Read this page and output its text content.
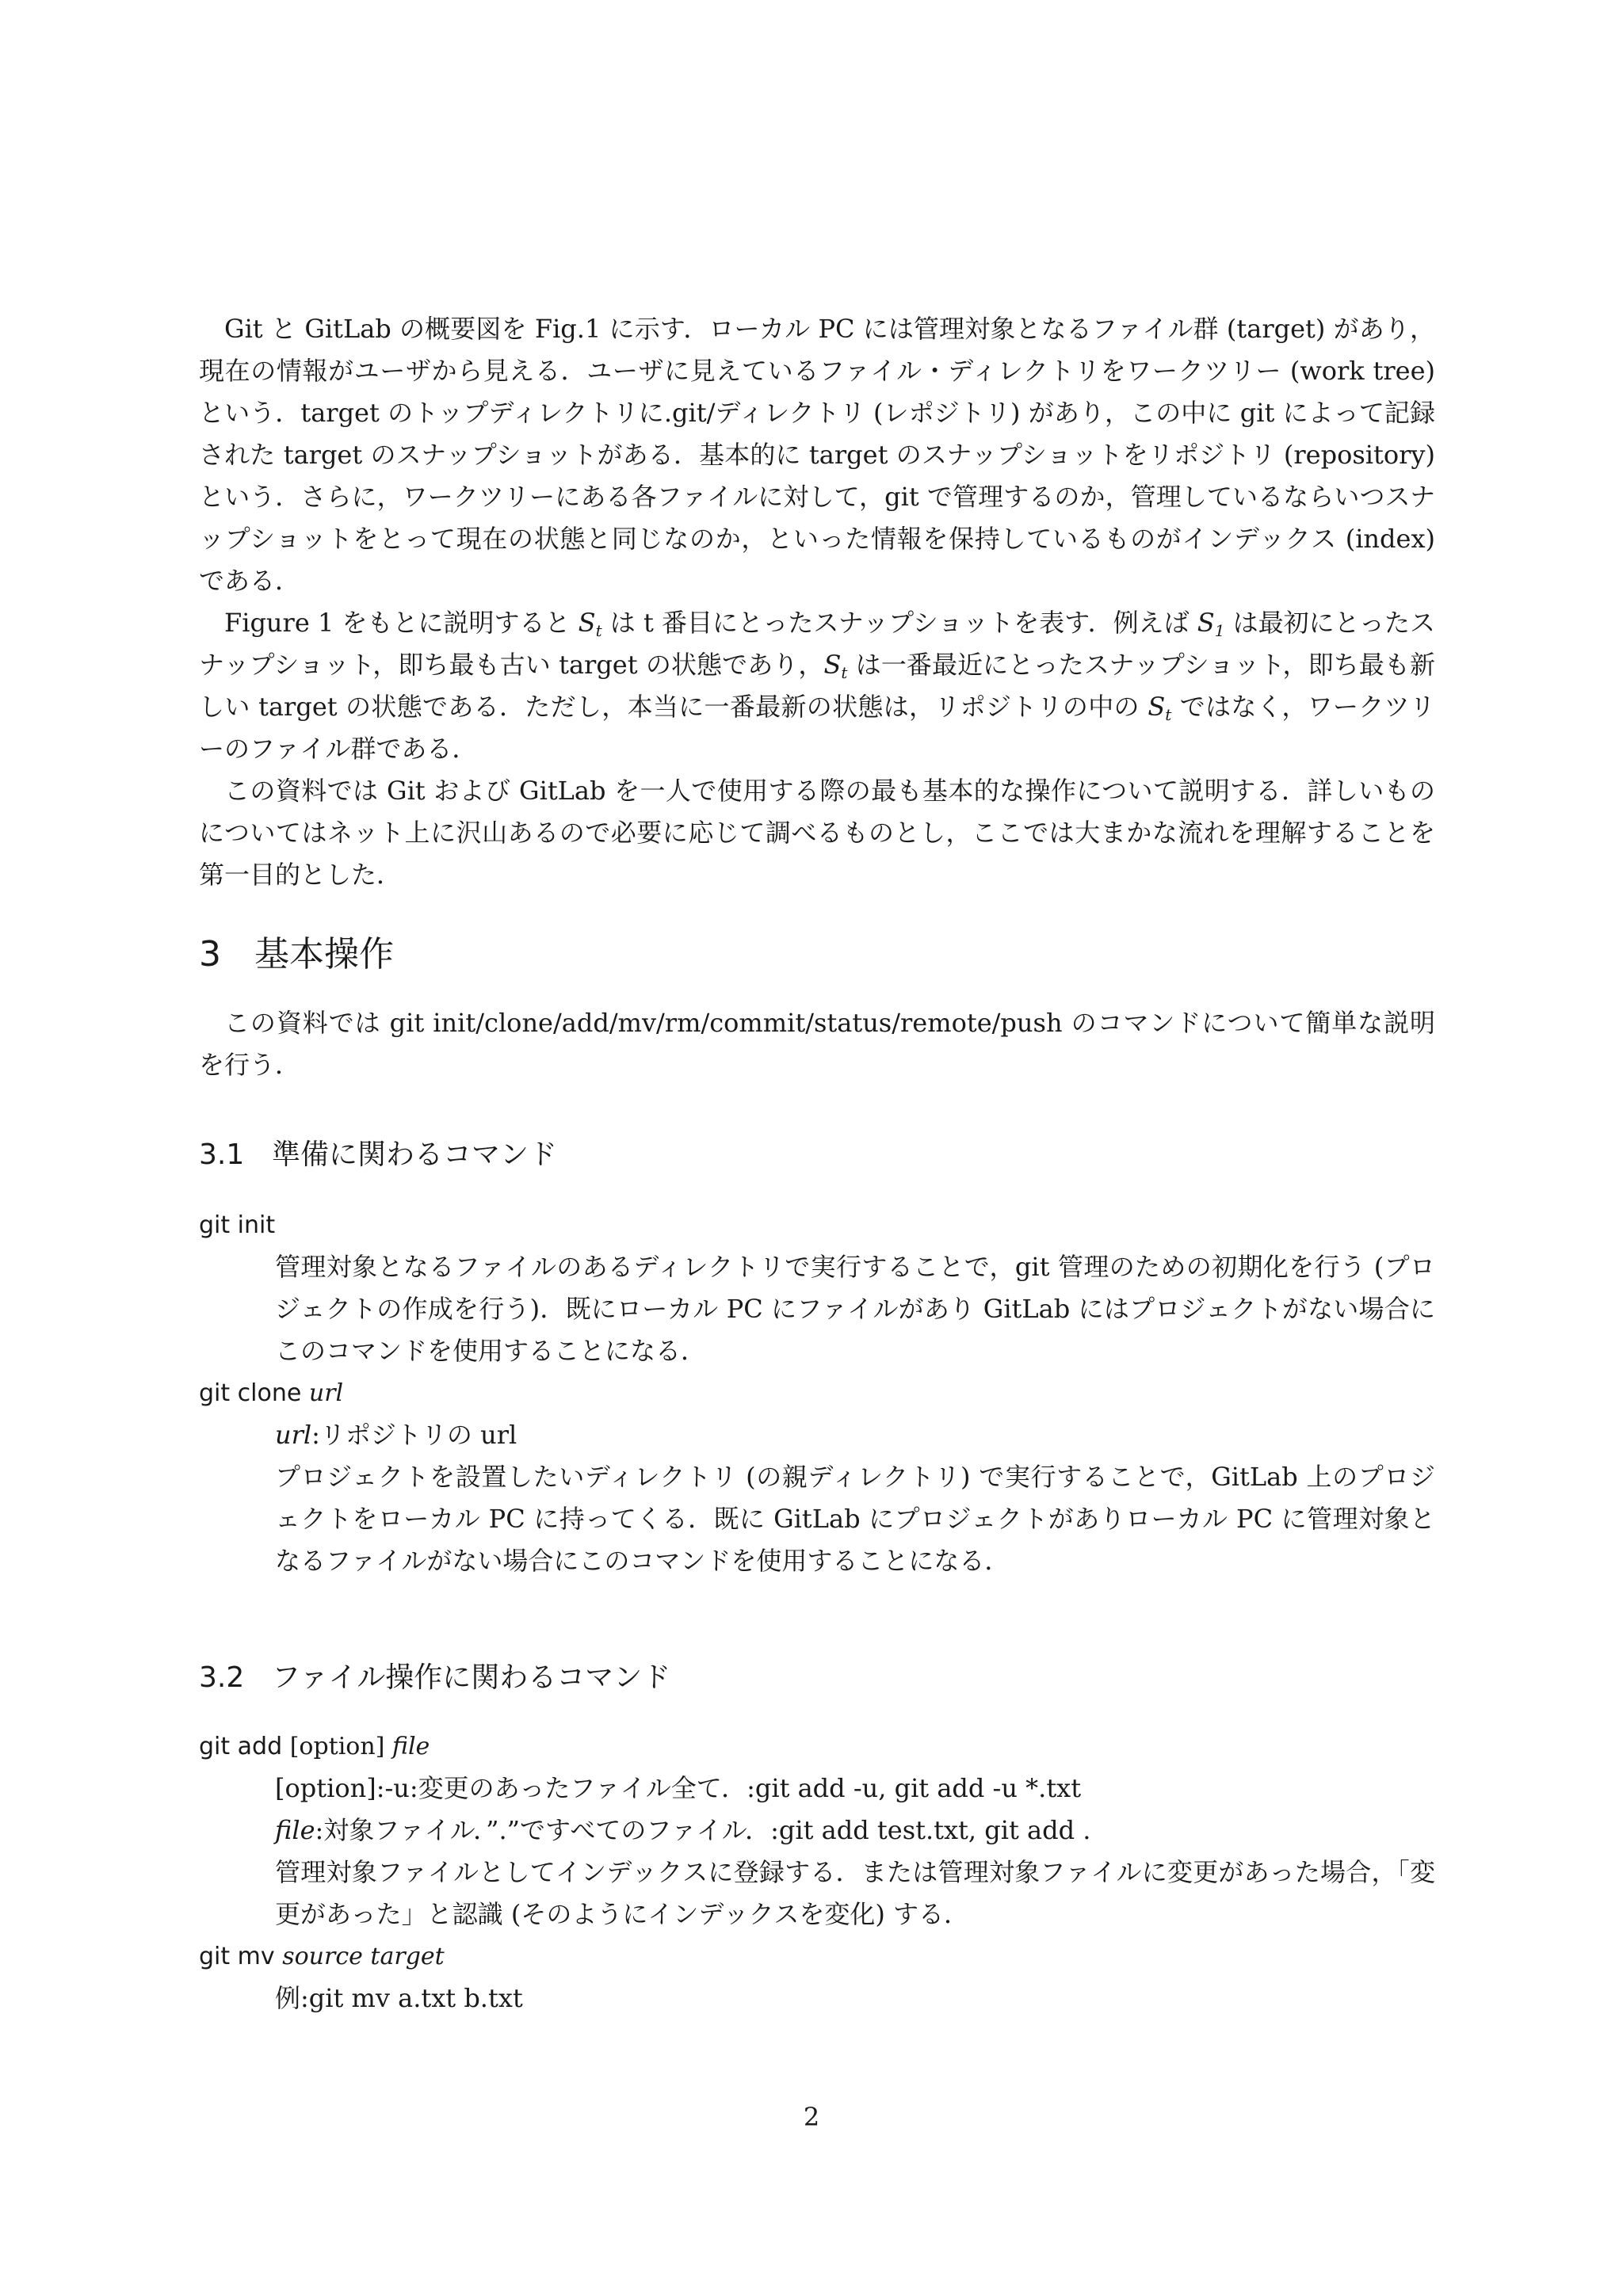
Git と GitLab の概要図を Fig.1 に示す．ローカル PC には管理対象となるファイル群 (target) があり，現在の情報がユーザから見える．ユーザに見えているファイル・ディレクトリをワークツリー (work tree) という．target のトップディレクトリに.git/ディレクトリ (レポジトリ) があり，この中に git によって記録された target のスナップショットがある．基本的に target のスナップショットをリポジトリ (repository) という．さらに，ワークツリーにある各ファイルに対して，git で管理するのか，管理しているならいつスナップショットをとって現在の状態と同じなのか，といった情報を保持しているものがインデックス (index) である．

Figure 1 をもとに説明すると $S_t$ は t 番目にとったスナップショットを表す．例えば $S_1$ は最初にとったスナップショット，即ち最も古い target の状態であり，$S_t$ は一番最近にとったスナップショット，即ち最も新しい target の状態である．ただし，本当に一番最新の状態は，リポジトリの中の $S_t$ ではなく，ワークツリーのファイル群である．

この資料では Git および GitLab を一人で使用する際の最も基本的な操作について説明する．詳しいものについてはネット上に沢山あるので必要に応じて調べるものとし，ここでは大まかな流れを理解することを第一目的とした．

3 基本操作

この資料では git init/clone/add/mv/rm/commit/status/remote/push のコマンドについて簡単な説明を行う．

3.1 準備に関わるコマンド
git init
管理対象となるファイルのあるディレクトリで実行することで，git 管理のための初期化を行う (プロジェクトの作成を行う)．既にローカル PC にファイルがあり GitLab にはプロジェクトがない場合にこのコマンドを使用することになる．
git clone url
url:リポジトリの url
プロジェクトを設置したいディレクトリ (の親ディレクトリ) で実行することで，GitLab 上のプロジェクトをローカル PC に持ってくる．既に GitLab にプロジェクトがありローカル PC に管理対象となるファイルがない場合にこのコマンドを使用することになる．
3.2 ファイル操作に関わるコマンド
git add [option] file
[option]:-u:変更のあったファイル全て．:git add -u, git add -u *.txt
file:対象ファイル．”.”ですべてのファイル．:git add test.txt, git add .
管理対象ファイルとしてインデックスに登録する．または管理対象ファイルに変更があった場合，「変更があった」と認識 (そのようにインデックスを変化) する．
git mv source target
例:git mv a.txt b.txt
2
